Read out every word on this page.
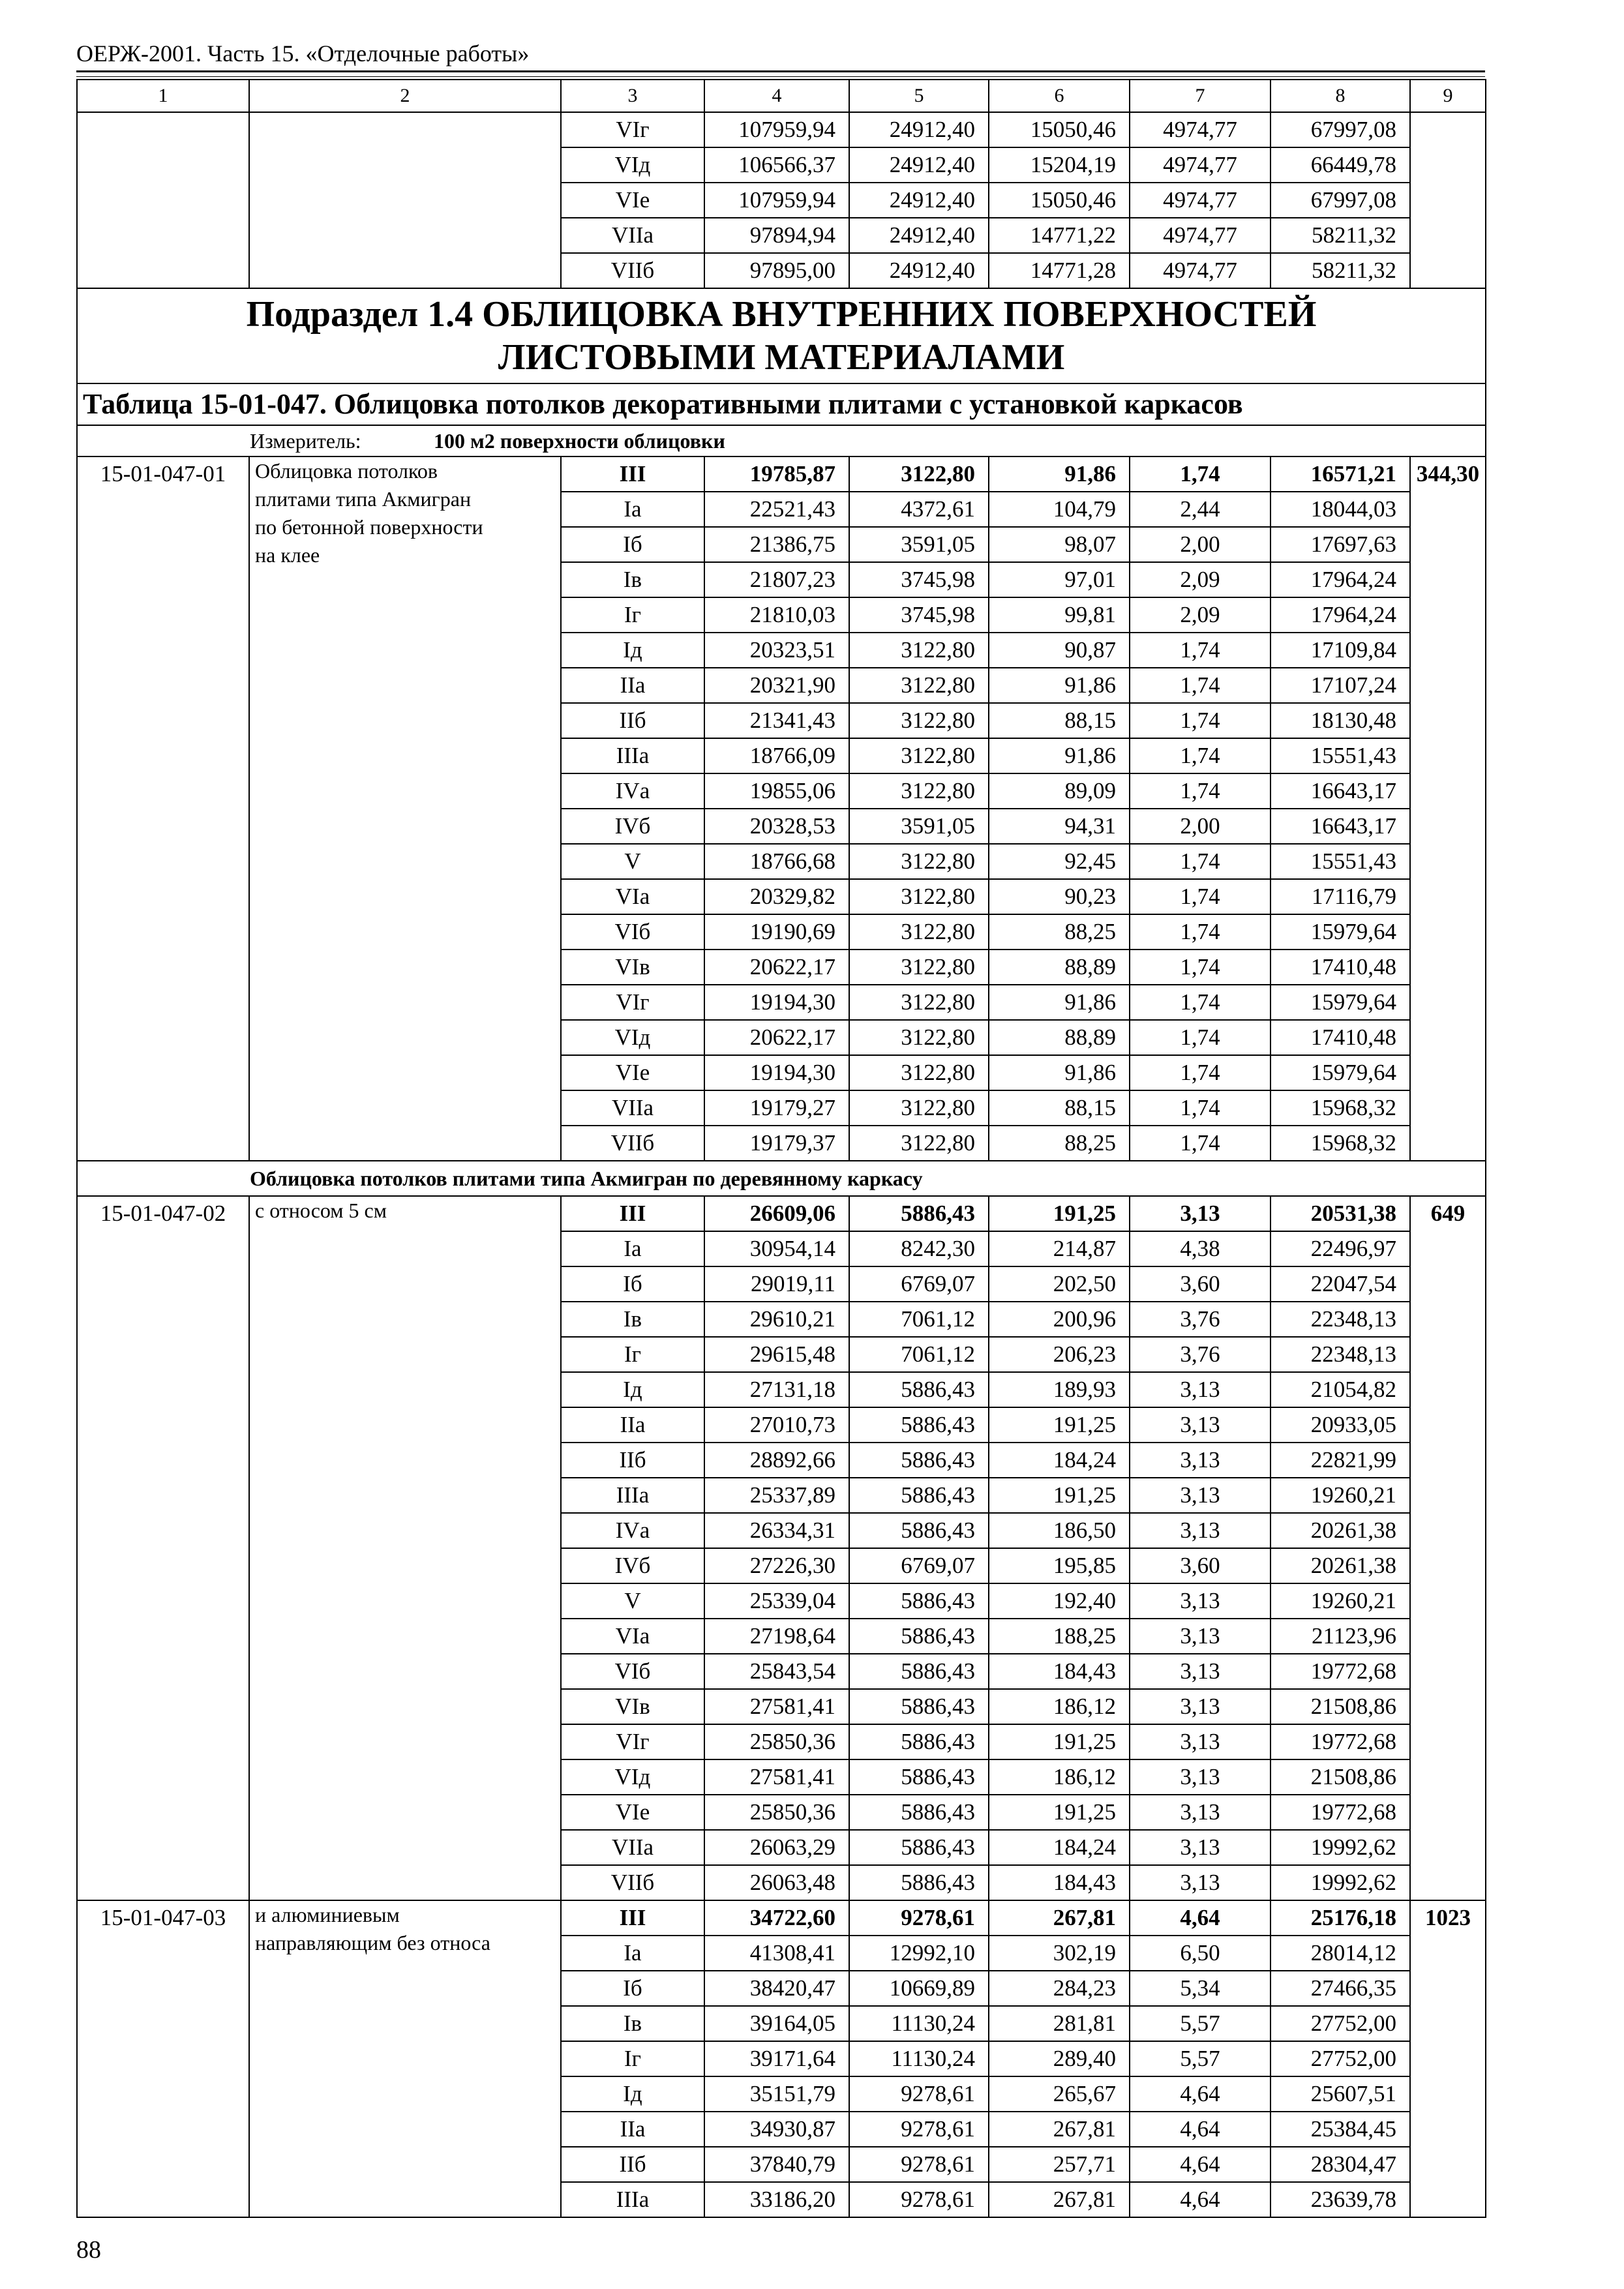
ОЕРЖ-2001. Часть 15. «Отделочные работы»
1	2	3	4	5	6	7	8	9
		VIг	107959,94	24912,40	15050,46	4974,77	67997,08	
		VIд	106566,37	24912,40	15204,19	4974,77	66449,78	
		VIе	107959,94	24912,40	15050,46	4974,77	67997,08	
		VIIа	97894,94	24912,40	14771,22	4974,77	58211,32	
		VIIб	97895,00	24912,40	14771,28	4974,77	58211,32	

Подраздел 1.4 ОБЛИЦОВКА ВНУТРЕННИХ ПОВЕРХНОСТЕЙ
ЛИСТОВЫМИ МАТЕРИАЛАМИ								

Таблица 15-01-047. Облицовка потолков декоративными плитами с установкой каркасов								
Измеритель: 100 м2 поверхности облицовки								
15-01-047-01	Облицовка потолков
плитами типа Акмигран
по бетонной поверхности
на клее	III	19785,87	3122,80	91,86	1,74	16571,21	344,30
		Iа	22521,43	4372,61	104,79	2,44	18044,03	
		Iб	21386,75	3591,05	98,07	2,00	17697,63	
		Iв	21807,23	3745,98	97,01	2,09	17964,24	
		Iг	21810,03	3745,98	99,81	2,09	17964,24	
		Iд	20323,51	3122,80	90,87	1,74	17109,84	
		IIа	20321,90	3122,80	91,86	1,74	17107,24	
		IIб	21341,43	3122,80	88,15	1,74	18130,48	
		IIIа	18766,09	3122,80	91,86	1,74	15551,43	
		IVа	19855,06	3122,80	89,09	1,74	16643,17	
		IVб	20328,53	3591,05	94,31	2,00	16643,17	
		V	18766,68	3122,80	92,45	1,74	15551,43	
		VIа	20329,82	3122,80	90,23	1,74	17116,79	
		VIб	19190,69	3122,80	88,25	1,74	15979,64	
		VIв	20622,17	3122,80	88,89	1,74	17410,48	
		VIг	19194,30	3122,80	91,86	1,74	15979,64	
		VIд	20622,17	3122,80	88,89	1,74	17410,48	
		VIе	19194,30	3122,80	91,86	1,74	15979,64	
		VIIа	19179,27	3122,80	88,15	1,74	15968,32	
		VIIб	19179,37	3122,80	88,25	1,74	15968,32	
Облицовка потолков плитами типа Акмигран по деревянному каркасу								
15-01-047-02	с относом 5 см	III	26609,06	5886,43	191,25	3,13	20531,38	649
		Iа	30954,14	8242,30	214,87	4,38	22496,97	
		Iб	29019,11	6769,07	202,50	3,60	22047,54	
		Iв	29610,21	7061,12	200,96	3,76	22348,13	
		Iг	29615,48	7061,12	206,23	3,76	22348,13	
		Iд	27131,18	5886,43	189,93	3,13	21054,82	
		IIа	27010,73	5886,43	191,25	3,13	20933,05	
		IIб	28892,66	5886,43	184,24	3,13	22821,99	
		IIIа	25337,89	5886,43	191,25	3,13	19260,21	
		IVа	26334,31	5886,43	186,50	3,13	20261,38	
		IVб	27226,30	6769,07	195,85	3,60	20261,38	
		V	25339,04	5886,43	192,40	3,13	19260,21	
		VIа	27198,64	5886,43	188,25	3,13	21123,96	
		VIб	25843,54	5886,43	184,43	3,13	19772,68	
		VIв	27581,41	5886,43	186,12	3,13	21508,86	
		VIг	25850,36	5886,43	191,25	3,13	19772,68	
		VIд	27581,41	5886,43	186,12	3,13	21508,86	
		VIе	25850,36	5886,43	191,25	3,13	19772,68	
		VIIа	26063,29	5886,43	184,24	3,13	19992,62	
		VIIб	26063,48	5886,43	184,43	3,13	19992,62	
15-01-047-03	и алюминиевым
направляющим без относа	III	34722,60	9278,61	267,81	4,64	25176,18	1023
		Iа	41308,41	12992,10	302,19	6,50	28014,12	
		Iб	38420,47	10669,89	284,23	5,34	27466,35	
		Iв	39164,05	11130,24	281,81	5,57	27752,00	
		Iг	39171,64	11130,24	289,40	5,57	27752,00	
		Iд	35151,79	9278,61	265,67	4,64	25607,51	
		IIа	34930,87	9278,61	267,81	4,64	25384,45	
		IIб	37840,79	9278,61	257,71	4,64	28304,47	
		IIIа	33186,20	9278,61	267,81	4,64	23639,78	
88
